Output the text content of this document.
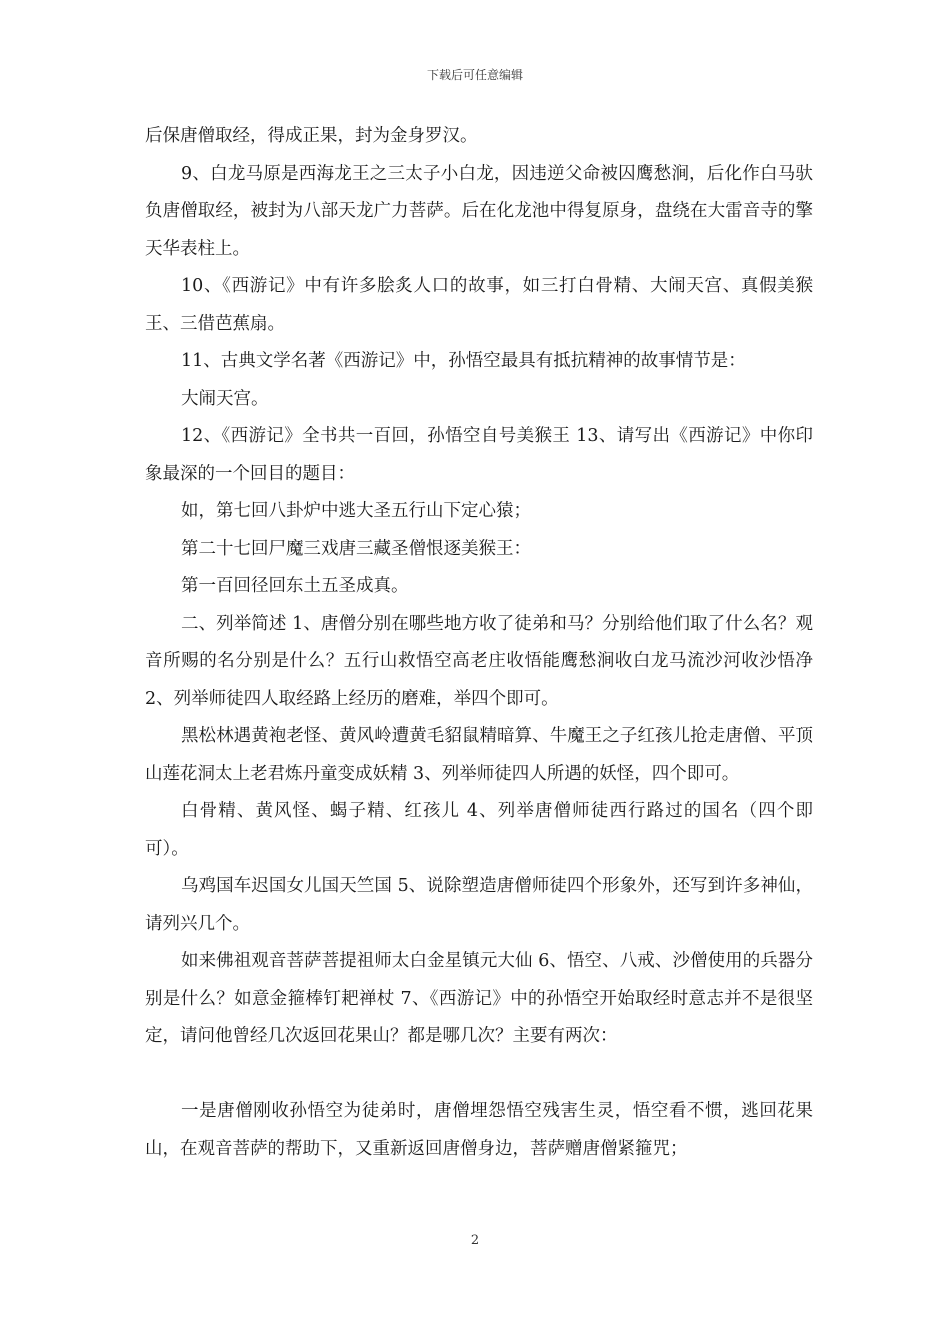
下载后可任意编辑

后保唐僧取经，得成正果，封为金身罗汉。

9、白龙马原是西海龙王之三太子小白龙，因违逆父命被囚鹰愁涧，后化作白马驮负唐僧取经，被封为八部天龙广力菩萨。后在化龙池中得复原身，盘绕在大雷音寺的擎天华表柱上。

10、《西游记》中有许多脍炙人口的故事，如三打白骨精、大闹天宫、真假美猴王、三借芭蕉扇。

11、古典文学名著《西游记》中，孙悟空最具有抵抗精神的故事情节是：

大闹天宫。

12、《西游记》全书共一百回，孙悟空自号美猴王 13、请写出《西游记》中你印象最深的一个回目的题目：

如，第七回八卦炉中逃大圣五行山下定心猿；

第二十七回尸魔三戏唐三藏圣僧恨逐美猴王：

第一百回径回东土五圣成真。

二、列举简述 1、唐僧分别在哪些地方收了徒弟和马？分别给他们取了什么名？观音所赐的名分别是什么？五行山救悟空高老庄收悟能鹰愁涧收白龙马流沙河收沙悟净 2、列举师徒四人取经路上经历的磨难，举四个即可。

黑松林遇黄袍老怪、黄风岭遭黄毛貂鼠精暗算、牛魔王之子红孩儿抢走唐僧、平顶山莲花洞太上老君炼丹童变成妖精 3、列举师徒四人所遇的妖怪，四个即可。

白骨精、黄风怪、蝎子精、红孩儿 4、列举唐僧师徒西行路过的国名（四个即可）。

乌鸡国车迟国女儿国天竺国 5、说除塑造唐僧师徒四个形象外，还写到许多神仙，请列兴几个。

如来佛祖观音菩萨菩提祖师太白金星镇元大仙 6、悟空、八戒、沙僧使用的兵器分别是什么？如意金箍棒钉耙禅杖 7、《西游记》中的孙悟空开始取经时意志并不是很坚定，请问他曾经几次返回花果山？都是哪几次？主要有两次：

一是唐僧刚收孙悟空为徒弟时，唐僧埋怨悟空残害生灵，悟空看不惯，逃回花果山，在观音菩萨的帮助下，又重新返回唐僧身边，菩萨赠唐僧紧箍咒；

2
